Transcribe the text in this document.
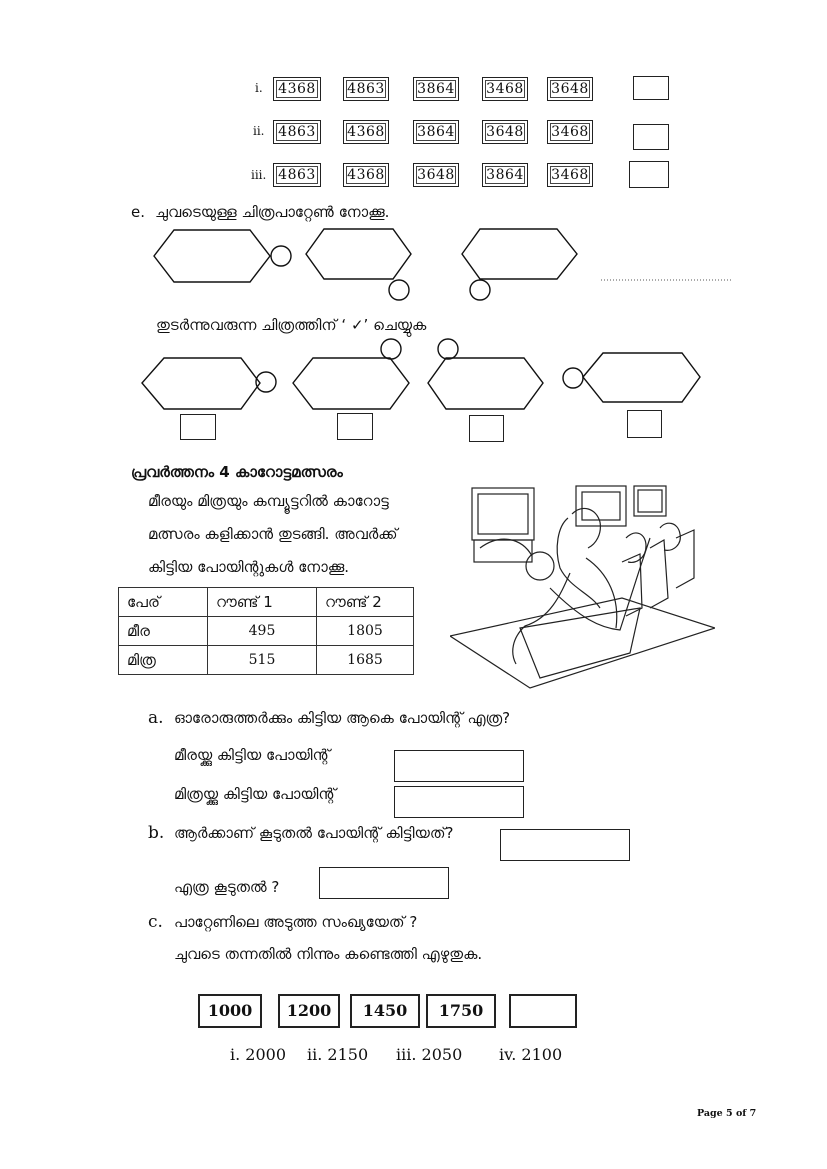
i.	4368	4863 3864 3468 3648
ii. 4863	4368 3864 3648 3468
iii. 4863	4368 3648 3864 3468
e. ചുവടെയുള്ള ചിത്രപാറ്റേൺ നോക്കൂ.
തുടർന്നുവരുന്ന ചിത്രത്തിന് ‘ ✓’ ചെയ്യുക
പ്രവർത്തനം 4 കാറോട്ടമത്സരം
മീരയും മിത്രയും കമ്പ്യൂട്ടറിൽ കാറോട്ട
മത്സരം കളിക്കാൻ തുടങ്ങി. അവർക്ക്
കിട്ടിയ പോയിന്റുകൾ നോക്കൂ.
പേര്	റൗണ്ട് 1	റൗണ്ട് 2
മീര	495	1805
മിത്ര	515	1685
a. ഓരോരുത്തർക്കും കിട്ടിയ ആകെ പോയിന്റ് എത്ര?
മീരയ്ക്കു കിട്ടിയ പോയിന്റ്
മിത്രയ്ക്കു കിട്ടിയ പോയിന്റ്
b. ആർക്കാണ് കൂടുതൽ പോയിന്റ് കിട്ടിയത്?
എത്ര കൂടുതൽ ?
c. പാറ്റേണിലെ അടുത്ത സംഖ്യയേത് ?
ചുവടെ തന്നതിൽ നിന്നും കണ്ടെത്തി എഴുതുക.
1000	1200	1450	1750
i. 2000 ii. 2150 iii. 2050 iv. 2100
Page 5 of 7
